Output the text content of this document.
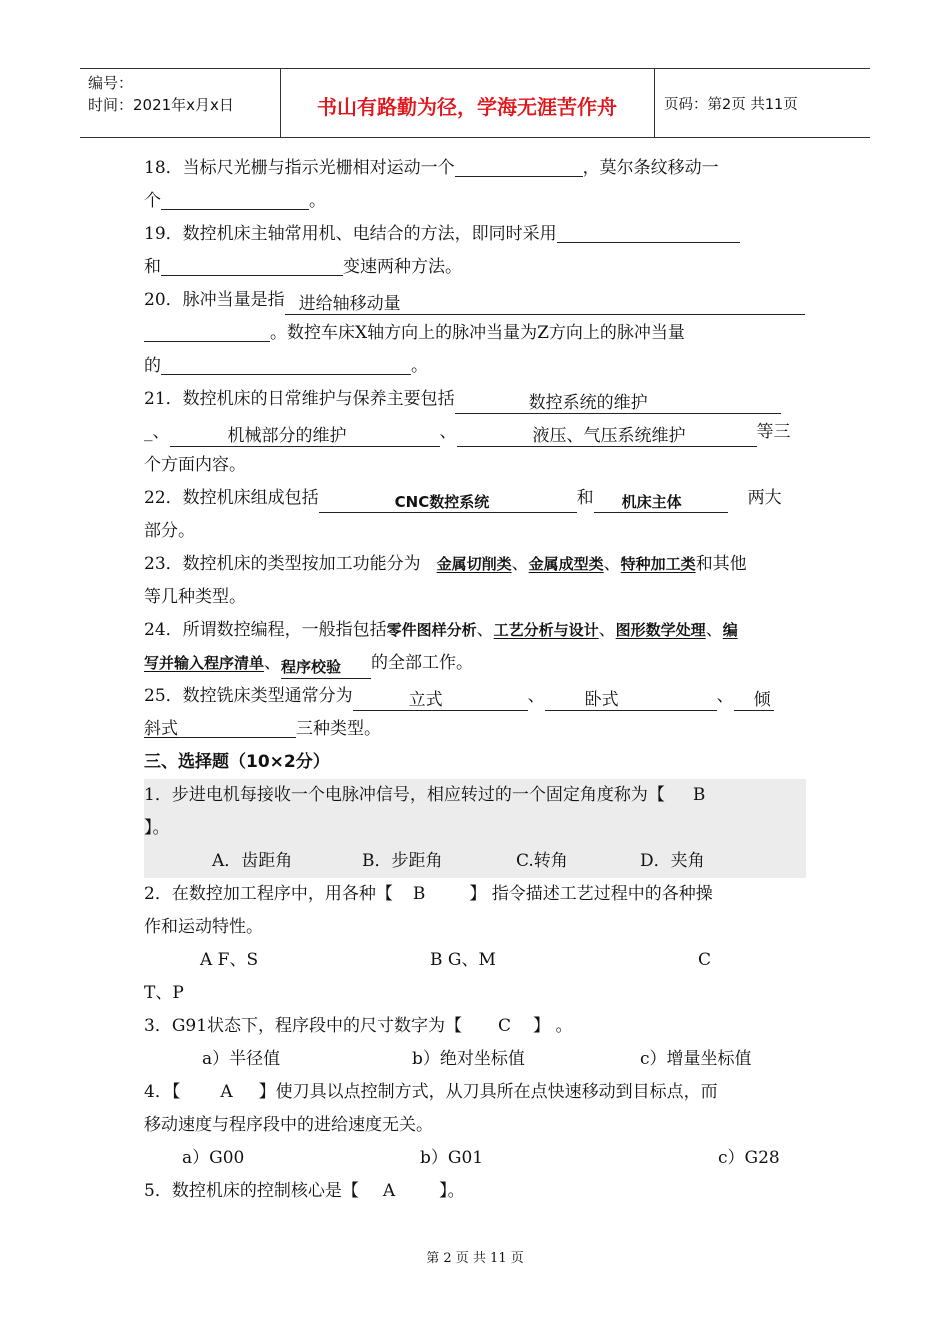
编号：
时间：2021年x月x日	书山有路勤为径，学海无涯苦作舟	页码：第2页 共11页
18．当标尺光栅与指示光栅相对运动一个	，莫尔条纹移动一
个	。
19．数控机床主轴常用机、电结合的方法，即同时采用
和	变速两种方法。
20．脉冲当量是指 进给轴移动量
。数控车床X轴方向上的脉冲当量为Z方向上的脉冲当量
的	。
21．数控机床的日常维护与保养主要包括	数控系统的维护
_、	机械部分的维护	、	液压、气压系统维护	等三
个方面内容。
22．数控机床组成包括	CNC数控系统	和 机床主体	两大
部分。
23．数控机床的类型按加工功能分为 金属切削类、金属成型类、特种加工类和其他
等几种类型。
24．所谓数控编程，一般指包括零件图样分析、工艺分析与设计、图形数学处理、编
写并输入程序清单、程序校验 的全部工作。
25．数控铣床类型通常分为	立式	、 卧式	、 倾
斜式	三种类型。
三、选择题（10×2分）
1．步进电机每接收一个电脉冲信号，相应转过的一个固定角度称为【 B
】。
A．齿距角	B．步距角	C.转角	D．夹角
2．在数控加工程序中，用各种【 B	】 指令描述工艺过程中的各种操
作和运动特性。
A F、S	B G、M	C
T、P
3．G91状态下，程序段中的尺寸数字为【 C 】 。
a）半径值	b）绝对坐标值	c）增量坐标值
4．【 A 】使刀具以点控制方式，从刀具所在点快速移动到目标点，而
移动速度与程序段中的进给速度无关。
a）G00	b）G01	c）G28
5．数控机床的控制核心是【 A	】。
第 2 页 共 11 页
